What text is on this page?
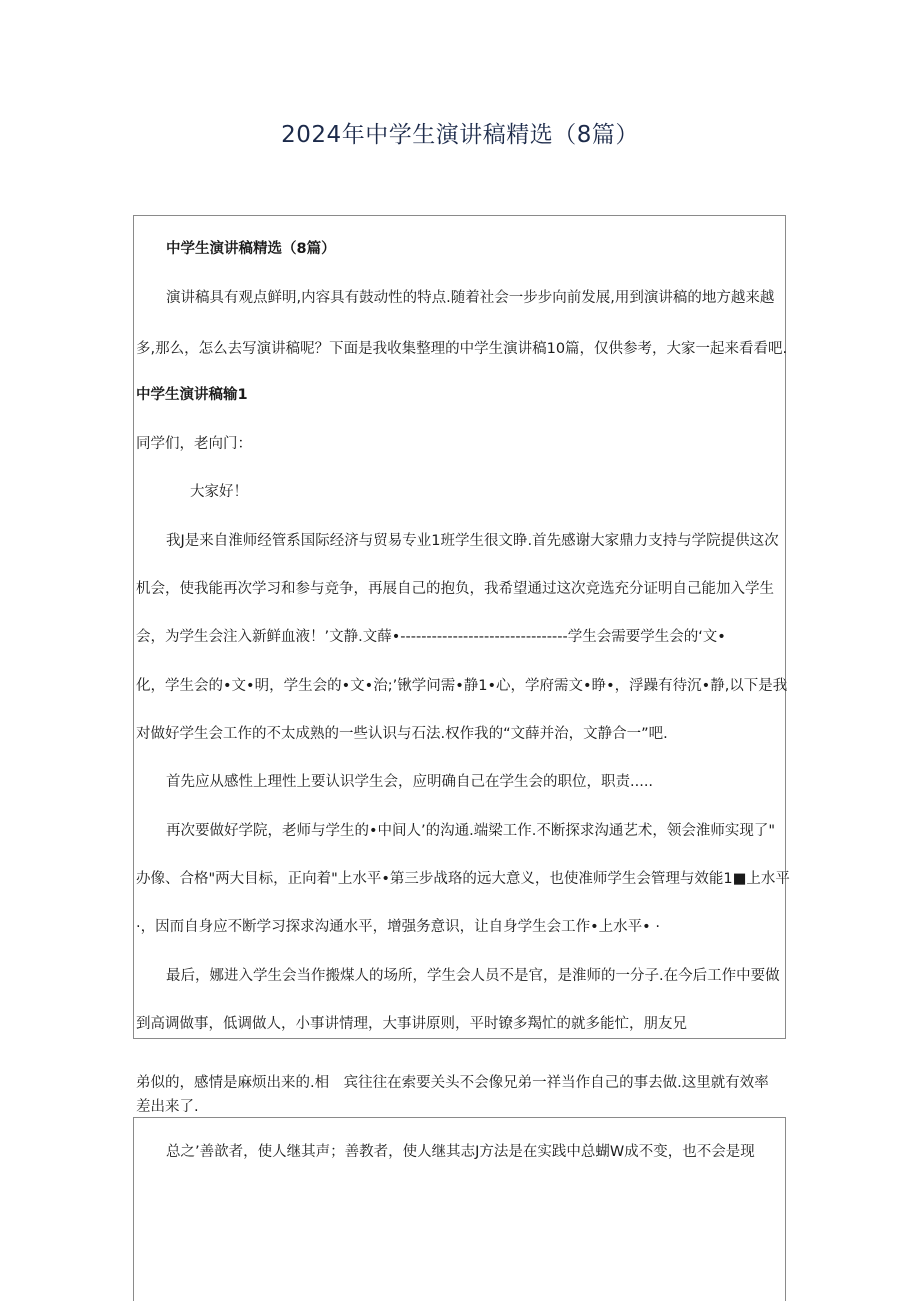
2024年中学生演讲稿精选（8篇）
中学生演讲稿精选（8篇）
演讲稿具有观点鲜明,内容具有鼓动性的特点.随着社会一步步向前发展,用到演讲稿的地方越来越
多,那么，怎么去写演讲稿呢？下面是我收集整理的中学生演讲稿10篇，仅供参考，大家一起来看看吧.
中学生演讲稿输1
同学们，老向门：
大家好！
我J是来自淮师经管系国际经济与贸易专业1班学生很文睁.首先感谢大家鼎力支持与学院提供这次
机会，使我能再次学习和参与竞争，再展自己的抱负，我希望通过这次竞选充分证明自己能加入学生
会，为学生会注入新鲜血液！’文静.文薛•--------------------------------学生会需要学生会的‘文•
化，学生会的•文•明，学生会的•文•治;’锹学问需•静1•心，学府需文•睁•，浮躁有待沉•静,以下是我
对做好学生会工作的不太成熟的一些认识与石法.权作我的“文薛并治，文静合一”吧.
首先应从感性上理性上要认识学生会，应明确自己在学生会的职位，职责.....
再次要做好学院，老师与学生的•中间人’的沟通.端梁工作.不断探求沟通艺术，领会淮师实现了"
办像、合格"两大目标，正向着"上水平•第三步战珞的远大意义，也使准师学生会管理与效能1■上水平
·，因而自身应不断学习探求沟通水平，增强务意识，让自身学生会工作•上水平• ·
最后，娜进入学生会当作搬煤人的场所，学生会人员不是官，是淮师的一分子.在今后工作中要做
到高调做事，低调做人，小事讲情理，大事讲原则，平时镣多羯忙的就多能忙，朋友兄
弟似的，感情是麻烦出来的.相　宾往往在索要关头不会像兄弟一祥当作自己的事去做.这里就有效率
差出来了.
总之’善歆者，使人继其声；善教者，使人继其志J方法是在实践中总蝴W成不变，也不会是现
